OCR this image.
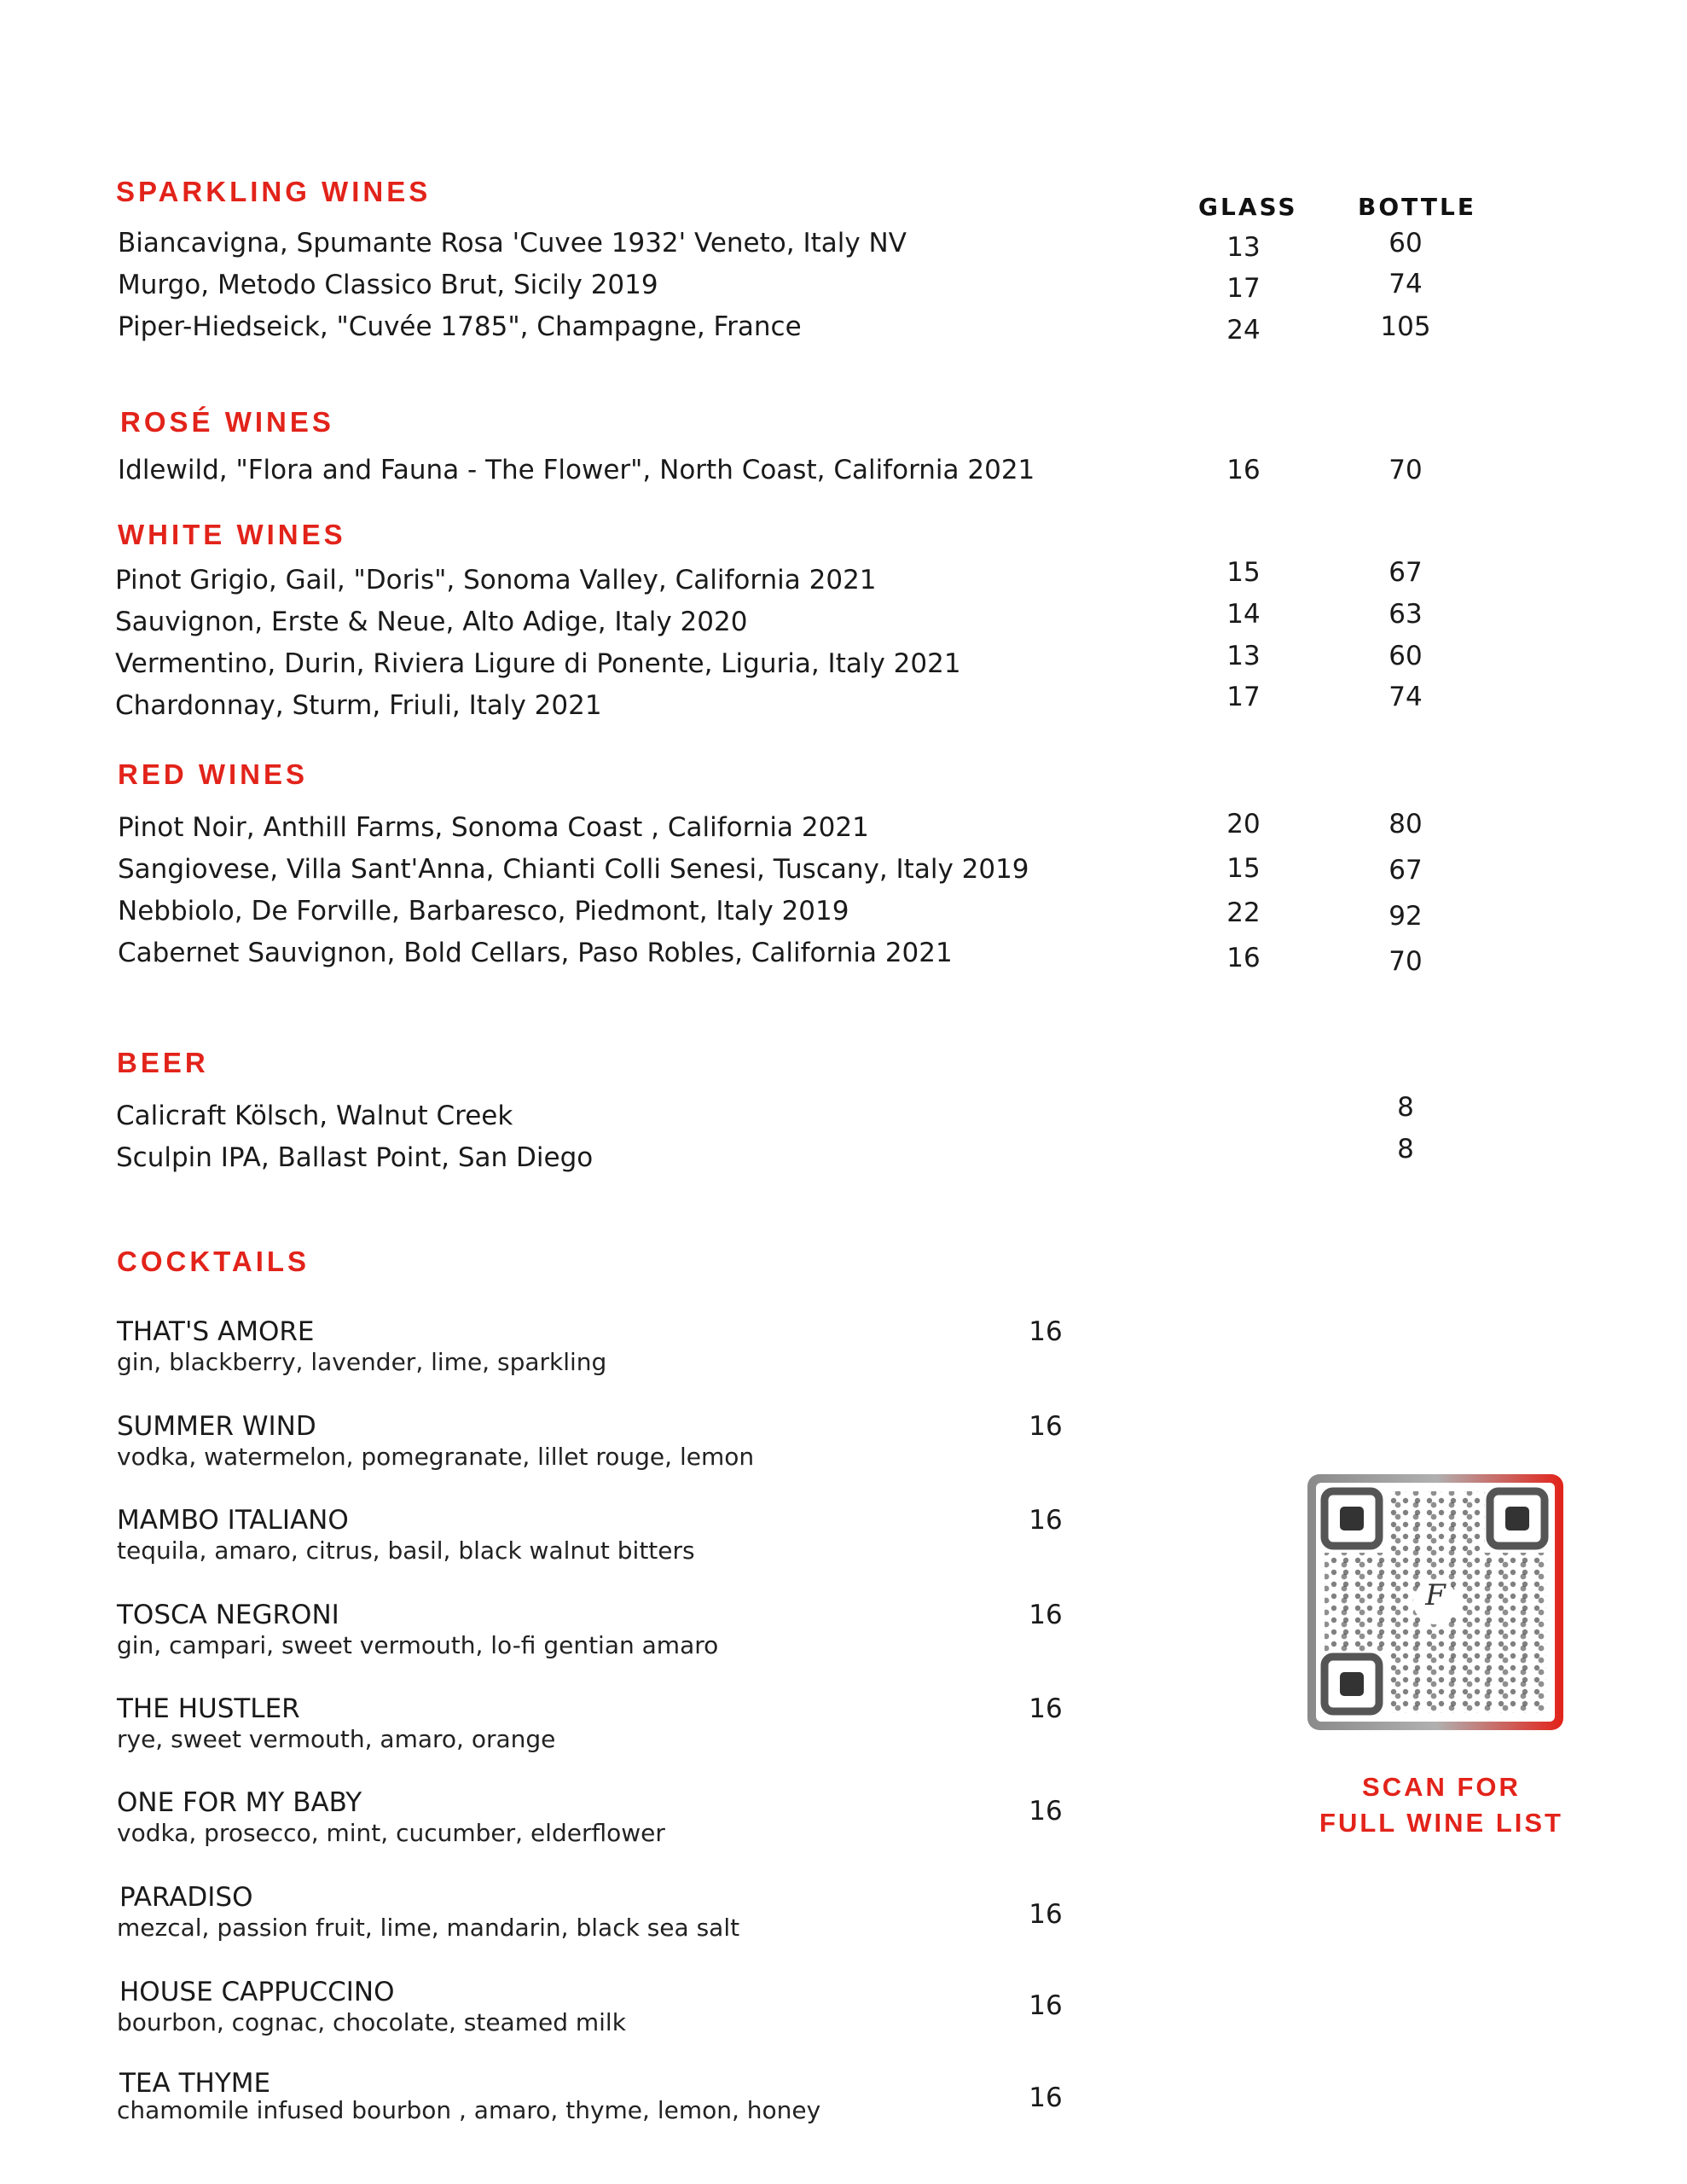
GLASS	BOTTLE
SPARKLING WINES
Biancavigna, Spumante Rosa 'Cuvee 1932' Veneto, Italy NV	13	60
Murgo, Metodo Classico Brut, Sicily 2019	17	74
Piper-Hiedseick, "Cuvée 1785", Champagne, France	24	105
ROSÉ WINES
Idlewild, "Flora and Fauna - The Flower", North Coast, California 2021	16	70
WHITE WINES
Pinot Grigio, Gail, "Doris", Sonoma Valley, California 2021	15	67
Sauvignon, Erste & Neue, Alto Adige, Italy 2020	14	63
Vermentino, Durin, Riviera Ligure di Ponente, Liguria, Italy 2021	13	60
Chardonnay, Sturm, Friuli, Italy 2021	17	74
RED WINES
Pinot Noir, Anthill Farms, Sonoma Coast , California 2021	20	80
Sangiovese, Villa Sant'Anna, Chianti Colli Senesi, Tuscany, Italy 2019	15	67
Nebbiolo, De Forville, Barbaresco, Piedmont, Italy 2019	22	92
Cabernet Sauvignon, Bold Cellars, Paso Robles, California 2021	16	70
BEER
Calicraft Kölsch, Walnut Creek	8
Sculpin IPA, Ballast Point, San Diego	8
COCKTAILS
THAT'S AMORE
gin, blackberry, lavender, lime, sparkling
16
SUMMER WIND
vodka, watermelon, pomegranate, lillet rouge, lemon
16
MAMBO ITALIANO
tequila, amaro, citrus, basil, black walnut bitters
16
TOSCA NEGRONI
gin, campari, sweet vermouth, lo-fi gentian amaro
16
THE HUSTLER
rye, sweet vermouth, amaro, orange
16
ONE FOR MY BABY
vodka, prosecco, mint, cucumber, elderflower
16
PARADISO
mezcal, passion fruit, lime, mandarin, black sea salt	16
HOUSE CAPPUCCINO
bourbon, cognac, chocolate, steamed milk
16
TEA THYME
chamomile infused bourbon , amaro, thyme, lemon, honey	16
F
SCAN FOR
FULL WINE LIST
